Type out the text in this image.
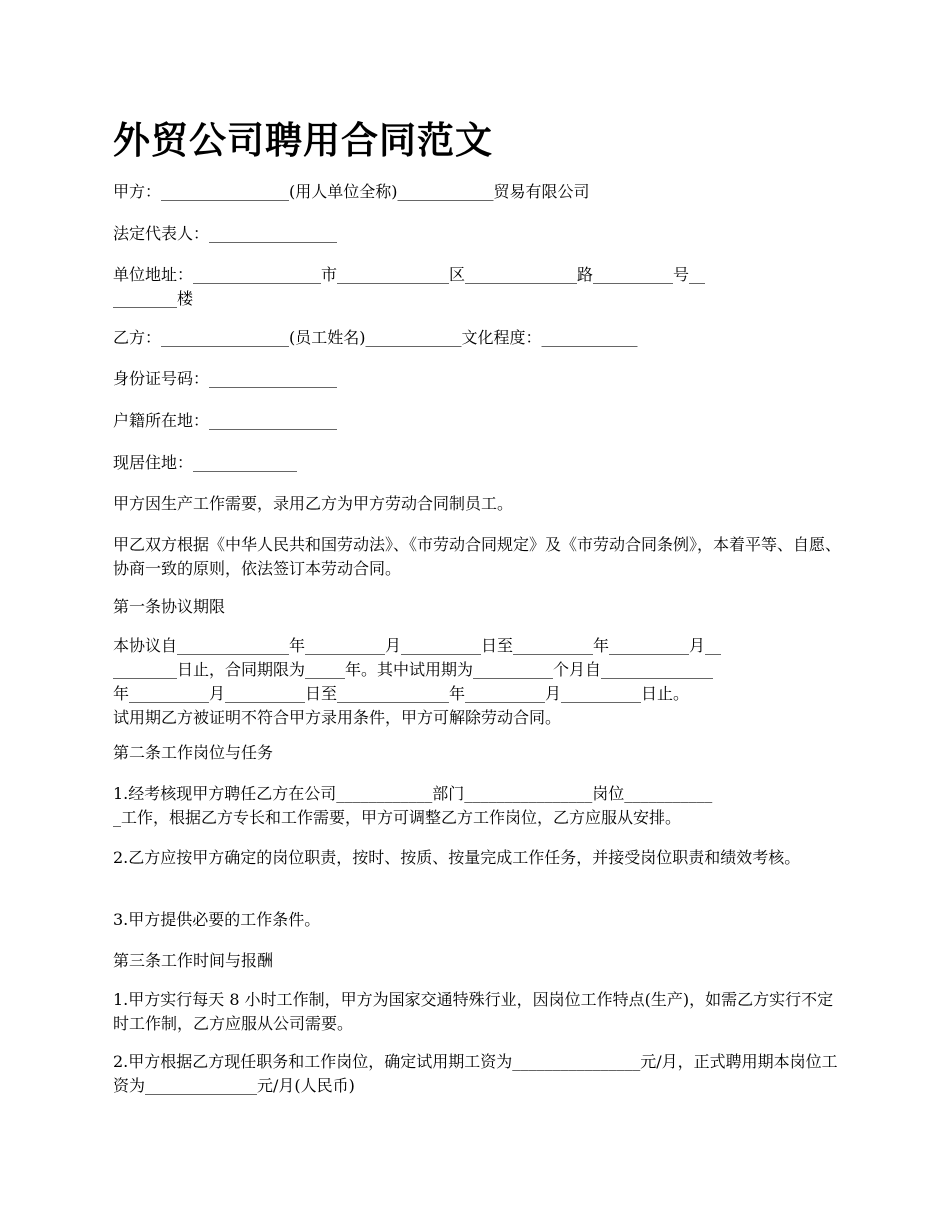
外贸公司聘用合同范文
甲方：________________(用人单位全称)____________贸易有限公司
法定代表人：________________
单位地址：________________市______________区______________路__________号__
________楼
乙方：________________(员工姓名)____________文化程度：____________
身份证号码：________________
户籍所在地：________________
现居住地：_____________
甲方因生产工作需要，录用乙方为甲方劳动合同制员工。
甲乙双方根据《中华人民共和国劳动法》、《市劳动合同规定》及《市劳动合同条例》，本着平等、自愿、协商一致的原则，依法签订本劳动合同。
第一条协议期限
本协议自______________年__________月__________日至__________年__________月__
________日止，合同期限为_____年。其中试用期为__________个月自______________
年__________月__________日至______________年__________月__________日止。
试用期乙方被证明不符合甲方录用条件，甲方可解除劳动合同。
第二条工作岗位与任务
1.经考核现甲方聘任乙方在公司____________部门________________岗位___________
_工作，根据乙方专长和工作需要，甲方可调整乙方工作岗位，乙方应服从安排。
2.乙方应按甲方确定的岗位职责，按时、按质、按量完成工作任务，并接受岗位职责和绩效考核。
3.甲方提供必要的工作条件。
第三条工作时间与报酬
1.甲方实行每天 8 小时工作制，甲方为国家交通特殊行业，因岗位工作特点(生产)，如需乙方实行不定时工作制，乙方应服从公司需要。
2.甲方根据乙方现任职务和工作岗位，确定试用期工资为________________元/月，正式聘用期本岗位工资为______________元/月(人民币)
